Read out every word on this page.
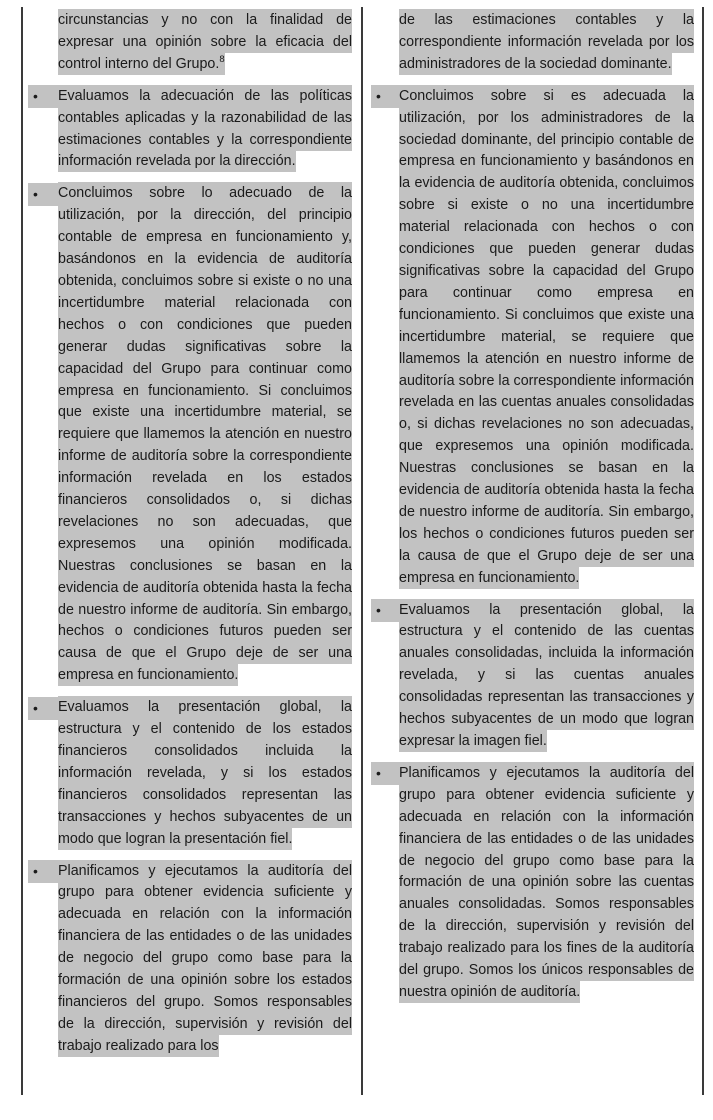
circunstancias y no con la finalidad de expresar una opinión sobre la eficacia del control interno del Grupo.$^8$
•	Evaluamos la adecuación de las políticas contables aplicadas y la razonabilidad de las estimaciones contables y la correspondiente información revelada por la dirección.
•	Concluimos sobre lo adecuado de la utilización, por la dirección, del principio contable de empresa en funcionamiento y, basándonos en la evidencia de auditoría obtenida, concluimos sobre si existe o no una incertidumbre material relacionada con hechos o con condiciones que pueden generar dudas significativas sobre la capacidad del Grupo para continuar como empresa en funcionamiento. Si concluimos que existe una incertidumbre material, se requiere que llamemos la atención en nuestro informe de auditoría sobre la correspondiente información revelada en los estados financieros consolidados o, si dichas revelaciones no son adecuadas, que expresemos una opinión modificada. Nuestras conclusiones se basan en la evidencia de auditoría obtenida hasta la fecha de nuestro informe de auditoría. Sin embargo, hechos o condiciones futuros pueden ser causa de que el Grupo deje de ser una empresa en funcionamiento.
•	Evaluamos la presentación global, la estructura y el contenido de los estados financieros consolidados incluida la información revelada, y si los estados financieros consolidados representan las transacciones y hechos subyacentes de un modo que logran la presentación fiel.
•	Planificamos y ejecutamos la auditoría del grupo para obtener evidencia suficiente y adecuada en relación con la información financiera de las entidades o de las unidades de negocio del grupo como base para la formación de una opinión sobre los estados financieros del grupo. Somos responsables de la dirección, supervisión y revisión del trabajo realizado para los
de las estimaciones contables y la correspondiente información revelada por los administradores de la sociedad dominante.
•	Concluimos sobre si es adecuada la utilización, por los administradores de la sociedad dominante, del principio contable de empresa en funcionamiento y basándonos en la evidencia de auditoría obtenida, concluimos sobre si existe o no una incertidumbre material relacionada con hechos o con condiciones que pueden generar dudas significativas sobre la capacidad del Grupo para continuar como empresa en funcionamiento. Si concluimos que existe una incertidumbre material, se requiere que llamemos la atención en nuestro informe de auditoría sobre la correspondiente información revelada en las cuentas anuales consolidadas o, si dichas revelaciones no son adecuadas, que expresemos una opinión modificada. Nuestras conclusiones se basan en la evidencia de auditoría obtenida hasta la fecha de nuestro informe de auditoría. Sin embargo, los hechos o condiciones futuros pueden ser la causa de que el Grupo deje de ser una empresa en funcionamiento.
•	Evaluamos la presentación global, la estructura y el contenido de las cuentas anuales consolidadas, incluida la información revelada, y si las cuentas anuales consolidadas representan las transacciones y hechos subyacentes de un modo que logran expresar la imagen fiel.
•	Planificamos y ejecutamos la auditoría del grupo para obtener evidencia suficiente y adecuada en relación con la información financiera de las entidades o de las unidades de negocio del grupo como base para la formación de una opinión sobre las cuentas anuales consolidadas. Somos responsables de la dirección, supervisión y revisión del trabajo realizado para los fines de la auditoría del grupo. Somos los únicos responsables de nuestra opinión de auditoría.
